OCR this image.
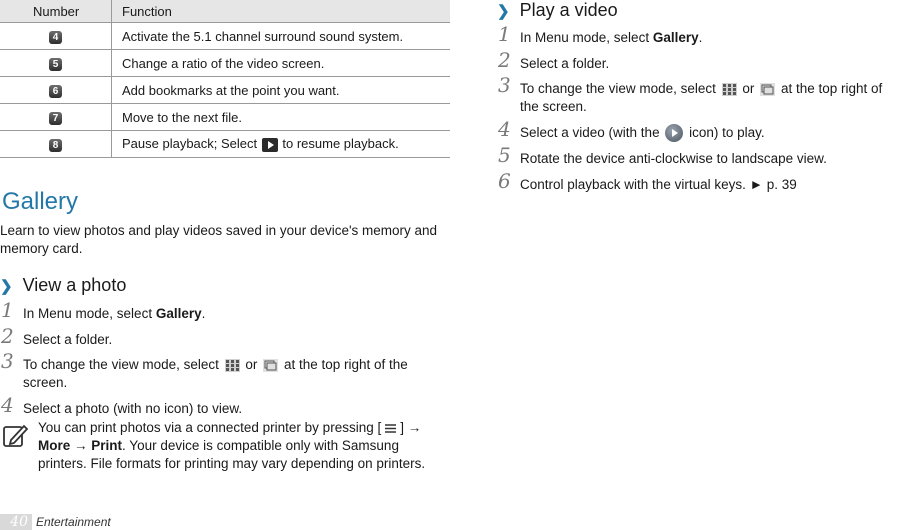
Number	Function
4	Activate the 5.1 channel surround sound system.
5	Change a ratio of the video screen.
6	Add bookmarks at the point you want.
7	Move to the next file.
8	Pause playback; Select to resume playback.
Gallery
Learn to view photos and play videos saved in your device's memory and memory card.
❯ View a photo
1 In Menu mode, select Gallery.
2 Select a folder.
3 To change the view mode, select or at the top right of the screen.
4 Select a photo (with no icon) to view.
You can print photos via a connected printer by pressing [ ] → More → Print. Your device is compatible only with Samsung printers. File formats for printing may vary depending on printers.
❯ Play a video
1 In Menu mode, select Gallery.
2 Select a folder.
3 To change the view mode, select or at the top right of the screen.
4 Select a video (with the icon) to play.
5 Rotate the device anti-clockwise to landscape view.
6 Control playback with the virtual keys. ► p. 39
40 Entertainment
